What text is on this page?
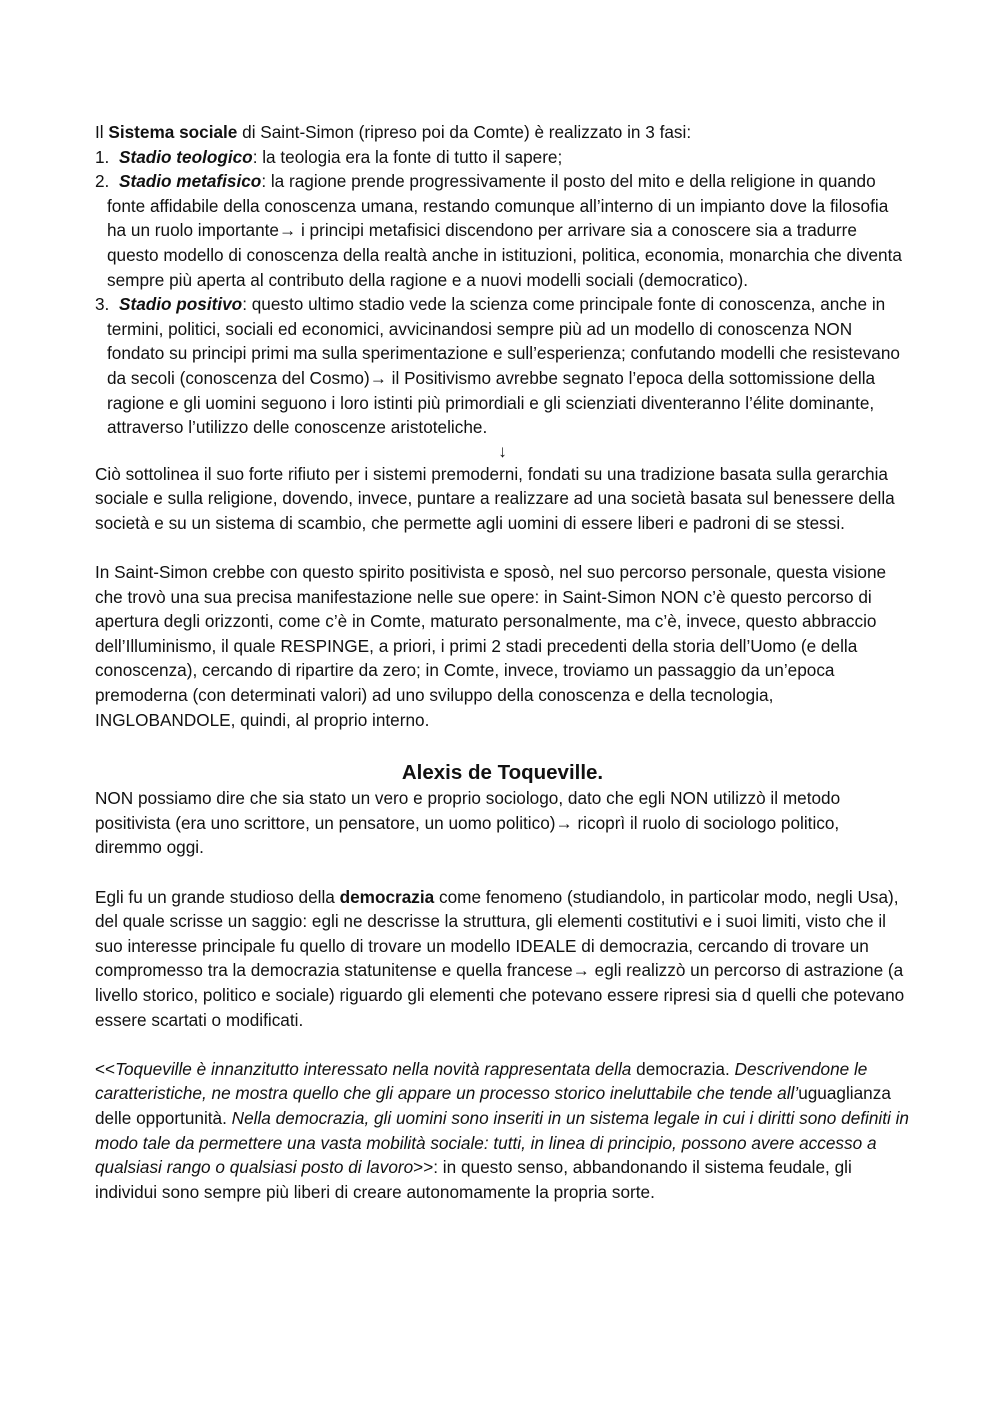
Il Sistema sociale di Saint-Simon (ripreso poi da Comte) è realizzato in 3 fasi:

1. Stadio teologico: la teologia era la fonte di tutto il sapere;
2. Stadio metafisico: la ragione prende progressivamente il posto del mito e della religione in quando fonte affidabile della conoscenza umana, restando comunque all’interno di un impianto dove la filosofia ha un ruolo importante→ i principi metafisici discendono per arrivare sia a conoscere sia a tradurre questo modello di conoscenza della realtà anche in istituzioni, politica, economia, monarchia che diventa sempre più aperta al contributo della ragione e a nuovi modelli sociali (democratico).
3. Stadio positivo: questo ultimo stadio vede la scienza come principale fonte di conoscenza, anche in termini, politici, sociali ed economici, avvicinandosi sempre più ad un modello di conoscenza NON fondato su principi primi ma sulla sperimentazione e sull’esperienza; confutando modelli che resistevano da secoli (conoscenza del Cosmo)→ il Positivismo avrebbe segnato l’epoca della sottomissione della ragione e gli uomini seguono i loro istinti più primordiali e gli scienziati diventeranno l’élite dominante, attraverso l’utilizzo delle conoscenze aristoteliche.
↓

Ciò sottolinea il suo forte rifiuto per i sistemi premoderni, fondati su una tradizione basata sulla gerarchia sociale e sulla religione, dovendo, invece, puntare a realizzare ad una società basata sul benessere della società e su un sistema di scambio, che permette agli uomini di essere liberi e padroni di se stessi.

In Saint-Simon crebbe con questo spirito positivista e sposò, nel suo percorso personale, questa visione che trovò una sua precisa manifestazione nelle sue opere: in Saint-Simon NON c’è questo percorso di apertura degli orizzonti, come c’è in Comte, maturato personalmente, ma c’è, invece, questo abbraccio dell’Illuminismo, il quale RESPINGE, a priori, i primi 2 stadi precedenti della storia dell’Uomo (e della conoscenza), cercando di ripartire da zero; in Comte, invece, troviamo un passaggio da un’epoca premoderna (con determinati valori) ad uno sviluppo della conoscenza e della tecnologia, INGLOBANDOLE, quindi, al proprio interno.

Alexis de Toqueville.

NON possiamo dire che sia stato un vero e proprio sociologo, dato che egli NON utilizzò il metodo positivista (era uno scrittore, un pensatore, un uomo politico)→ ricoprì il ruolo di sociologo politico, diremmo oggi.

Egli fu un grande studioso della democrazia come fenomeno (studiandolo, in particolar modo, negli Usa), del quale scrisse un saggio: egli ne descrisse la struttura, gli elementi costitutivi e i suoi limiti, visto che il suo interesse principale fu quello di trovare un modello IDEALE di democrazia, cercando di trovare un compromesso tra la democrazia statunitense e quella francese→ egli realizzò un percorso di astrazione (a livello storico, politico e sociale) riguardo gli elementi che potevano essere ripresi sia d quelli che potevano essere scartati o modificati.

<<Toqueville è innanzitutto interessato nella novità rappresentata della democrazia. Descrivendone le caratteristiche, ne mostra quello che gli appare un processo storico ineluttabile che tende all’uguaglianza delle opportunità. Nella democrazia, gli uomini sono inseriti in un sistema legale in cui i diritti sono definiti in modo tale da permettere una vasta mobilità sociale: tutti, in linea di principio, possono avere accesso a qualsiasi rango o qualsiasi posto di lavoro>>: in questo senso, abbandonando il sistema feudale, gli individui sono sempre più liberi di creare autonomamente la propria sorte.
